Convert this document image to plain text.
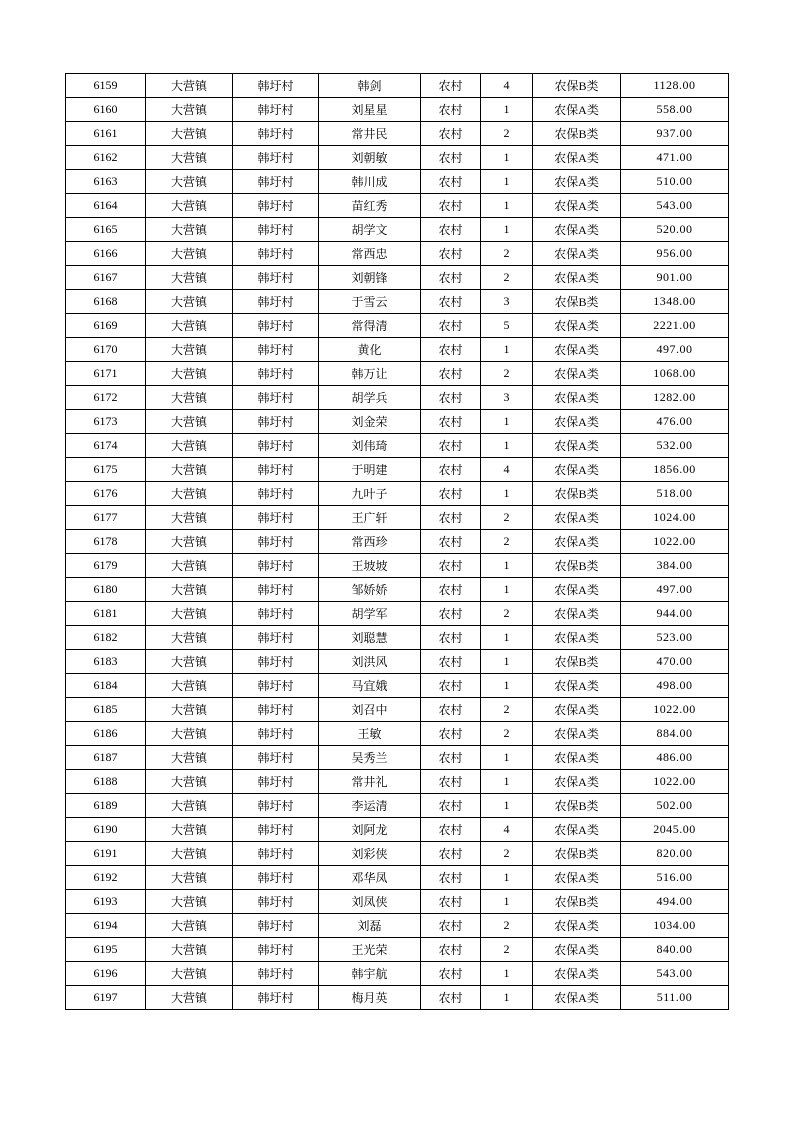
6159	大营镇	韩圩村	韩剑	农村	4	农保B类	1128.00
6160	大营镇	韩圩村	刘星星	农村	1	农保A类	558.00
6161	大营镇	韩圩村	常井民	农村	2	农保B类	937.00
6162	大营镇	韩圩村	刘朝敏	农村	1	农保A类	471.00
6163	大营镇	韩圩村	韩川成	农村	1	农保A类	510.00
6164	大营镇	韩圩村	苗红秀	农村	1	农保A类	543.00
6165	大营镇	韩圩村	胡学文	农村	1	农保A类	520.00
6166	大营镇	韩圩村	常西忠	农村	2	农保A类	956.00
6167	大营镇	韩圩村	刘朝锋	农村	2	农保A类	901.00
6168	大营镇	韩圩村	于雪云	农村	3	农保B类	1348.00
6169	大营镇	韩圩村	常得清	农村	5	农保A类	2221.00
6170	大营镇	韩圩村	黄化	农村	1	农保A类	497.00
6171	大营镇	韩圩村	韩万让	农村	2	农保A类	1068.00
6172	大营镇	韩圩村	胡学兵	农村	3	农保A类	1282.00
6173	大营镇	韩圩村	刘金荣	农村	1	农保A类	476.00
6174	大营镇	韩圩村	刘伟琦	农村	1	农保A类	532.00
6175	大营镇	韩圩村	于明建	农村	4	农保A类	1856.00
6176	大营镇	韩圩村	九叶子	农村	1	农保B类	518.00
6177	大营镇	韩圩村	王广轩	农村	2	农保A类	1024.00
6178	大营镇	韩圩村	常西珍	农村	2	农保A类	1022.00
6179	大营镇	韩圩村	王坡坡	农村	1	农保B类	384.00
6180	大营镇	韩圩村	邹娇娇	农村	1	农保A类	497.00
6181	大营镇	韩圩村	胡学军	农村	2	农保A类	944.00
6182	大营镇	韩圩村	刘聪慧	农村	1	农保A类	523.00
6183	大营镇	韩圩村	刘洪风	农村	1	农保B类	470.00
6184	大营镇	韩圩村	马宜娥	农村	1	农保A类	498.00
6185	大营镇	韩圩村	刘召中	农村	2	农保A类	1022.00
6186	大营镇	韩圩村	王敏	农村	2	农保A类	884.00
6187	大营镇	韩圩村	吴秀兰	农村	1	农保A类	486.00
6188	大营镇	韩圩村	常井礼	农村	1	农保A类	1022.00
6189	大营镇	韩圩村	李运清	农村	1	农保B类	502.00
6190	大营镇	韩圩村	刘阿龙	农村	4	农保A类	2045.00
6191	大营镇	韩圩村	刘彩侠	农村	2	农保B类	820.00
6192	大营镇	韩圩村	邓华凤	农村	1	农保A类	516.00
6193	大营镇	韩圩村	刘凤侠	农村	1	农保B类	494.00
6194	大营镇	韩圩村	刘磊	农村	2	农保A类	1034.00
6195	大营镇	韩圩村	王光荣	农村	2	农保A类	840.00
6196	大营镇	韩圩村	韩宇航	农村	1	农保A类	543.00
6197	大营镇	韩圩村	梅月英	农村	1	农保A类	511.00
